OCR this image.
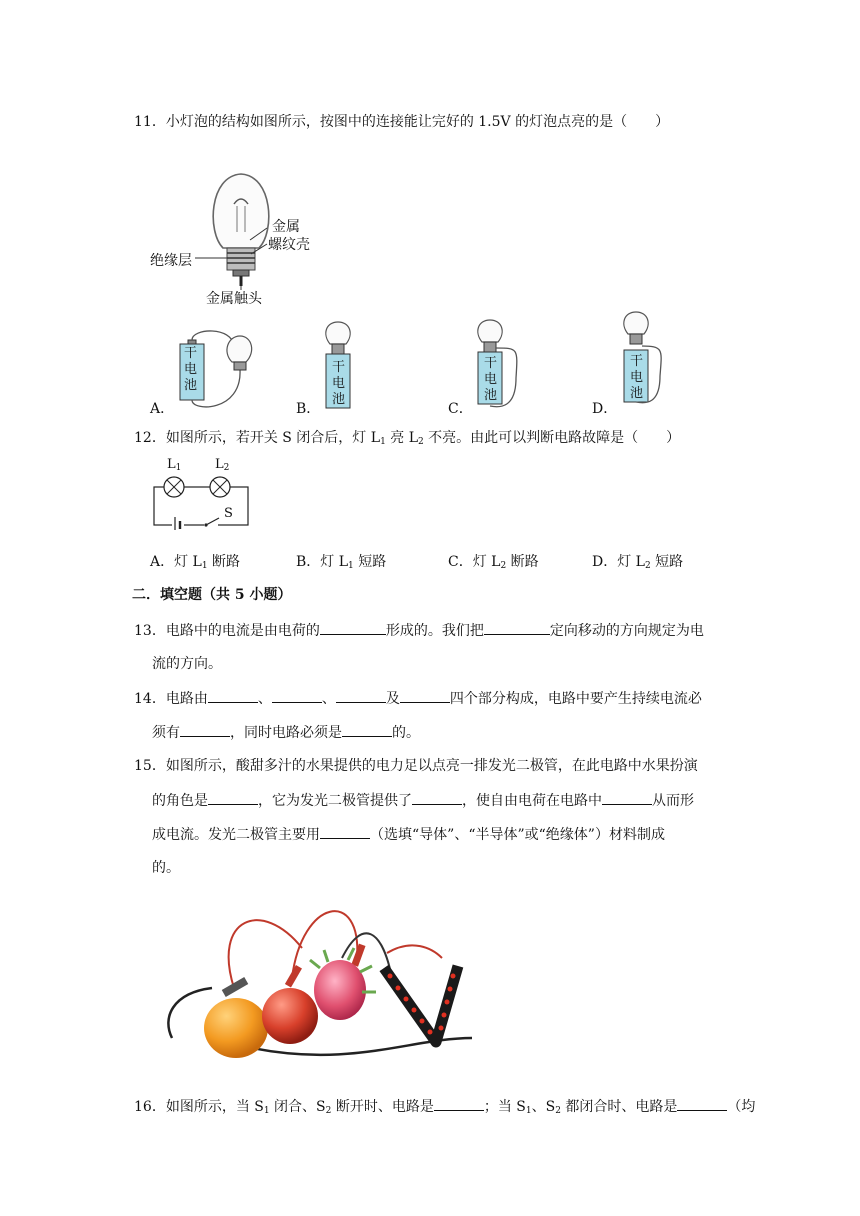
11．小灯泡的结构如图所示，按图中的连接能让完好的 1.5V 的灯泡点亮的是（　　）
金属
螺纹壳
绝缘层
金属触头
干
电
池
A．
干
电
池
B．
干
电
池
C．
干
电
池
D．
12．如图所示，若开关 S 闭合后，灯 $L_1$ 亮 $L_2$ 不亮。由此可以判断电路故障是（　　）
$L_1$	$L_2$
S
A．灯 $L_1$ 断路	B．灯 $L_1$ 短路	C．灯 $L_2$ 断路	D．灯 $L_2$ 短路
二．填空题（共 5 小题）
13．电路中的电流是由电荷的	形成的。我们把	定向移动的方向规定为电
流的方向。
14．电路由	、	、	及	四个部分构成，电路中要产生持续电流必
须有	，同时电路必须是	的。
15．如图所示，酸甜多汁的水果提供的电力足以点亮一排发光二极管，在此电路中水果扮演
的角色是	，它为发光二极管提供了	，使自由电荷在电路中	从而形
成电流。发光二极管主要用	（选填“导体”、“半导体”或“绝缘体”）材料制成
的。
16．如图所示，当 $S_1$ 闭合、$S_2$ 断开时、电路是	；当 $S_1$、$S_2$ 都闭合时、电路是	（均
